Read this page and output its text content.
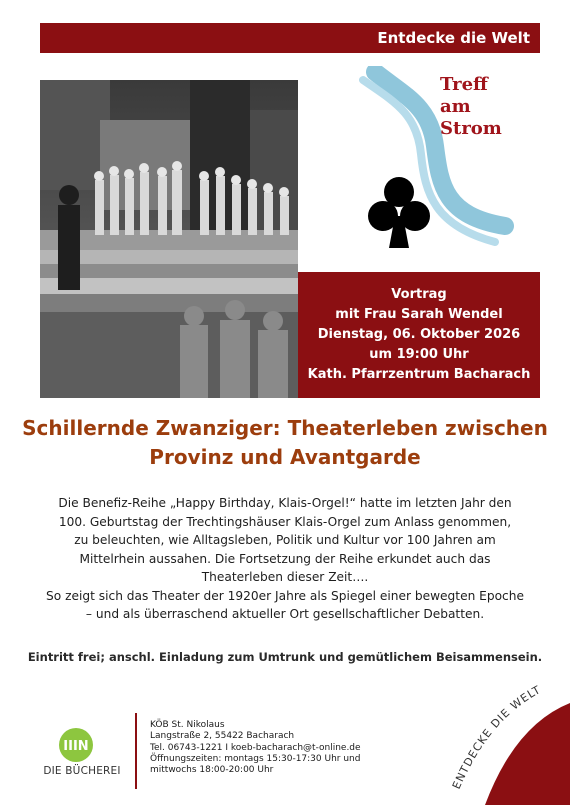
Entdecke die Welt
Treff
am
Strom
Vortrag
mit Frau Sarah Wendel
Dienstag, 06. Oktober 2026
um 19:00 Uhr
Kath. Pfarrzentrum Bacharach
Schillernde Zwanziger: Theaterleben zwischen
Provinz und Avantgarde
Die Benefiz-Reihe „Happy Birthday, Klais-Orgel!“ hatte im letzten Jahr den
100. Geburtstag der Trechtingshäuser Klais-Orgel zum Anlass genommen,
zu beleuchten, wie Alltagsleben, Politik und Kultur vor 100 Jahren am
Mittelrhein aussahen. Die Fortsetzung der Reihe erkundet auch das
Theaterleben dieser Zeit….
So zeigt sich das Theater der 1920er Jahre als Spiegel einer bewegten Epoche
– und als überraschend aktueller Ort gesellschaftlicher Debatten.
Eintritt frei; anschl. Einladung zum Umtrunk und gemütlichem Beisammensein.
IIIN
DIE BÜCHEREI
KÖB St. Nikolaus
Langstraße 2, 55422 Bacharach
Tel. 06743-1221 I koeb-bacharach@t-online.de
Öffnungszeiten: montags 15:30-17:30 Uhr und
mittwochs 18:00-20:00 Uhr
ENTDECKE DIE WELT
